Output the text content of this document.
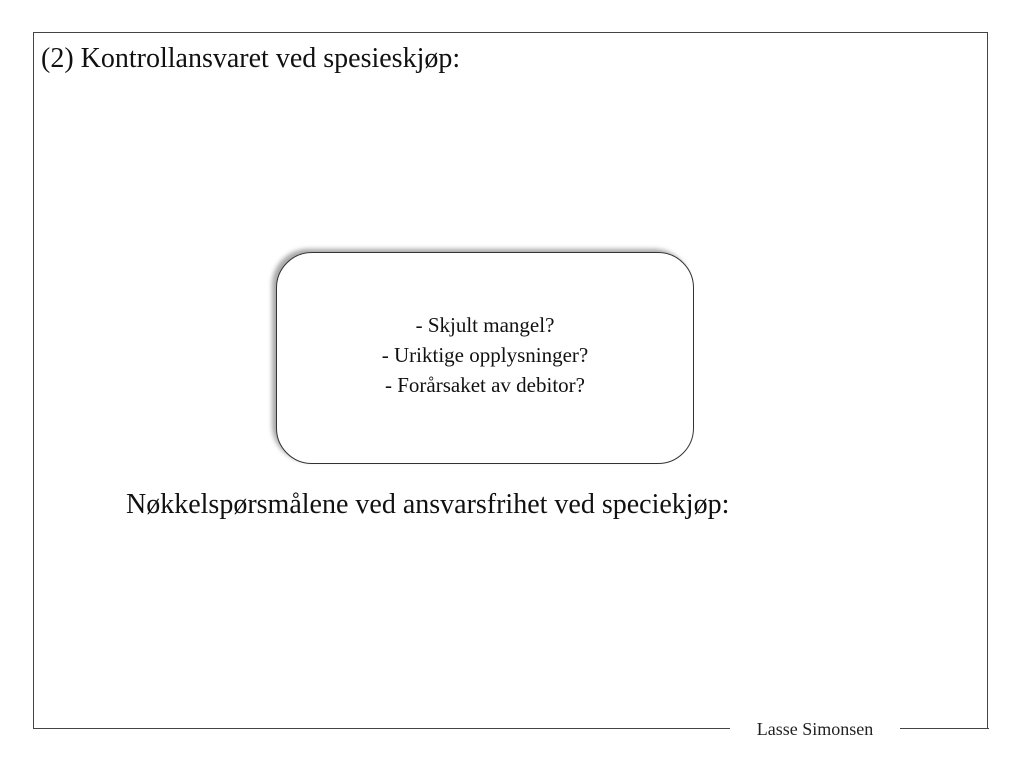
(2) Kontrollansvaret ved spesieskjøp:
- Skjult mangel?
- Uriktige opplysninger?
- Forårsaket av debitor?
Nøkkelspørsmålene ved ansvarsfrihet ved speciekjøp:
Lasse Simonsen
